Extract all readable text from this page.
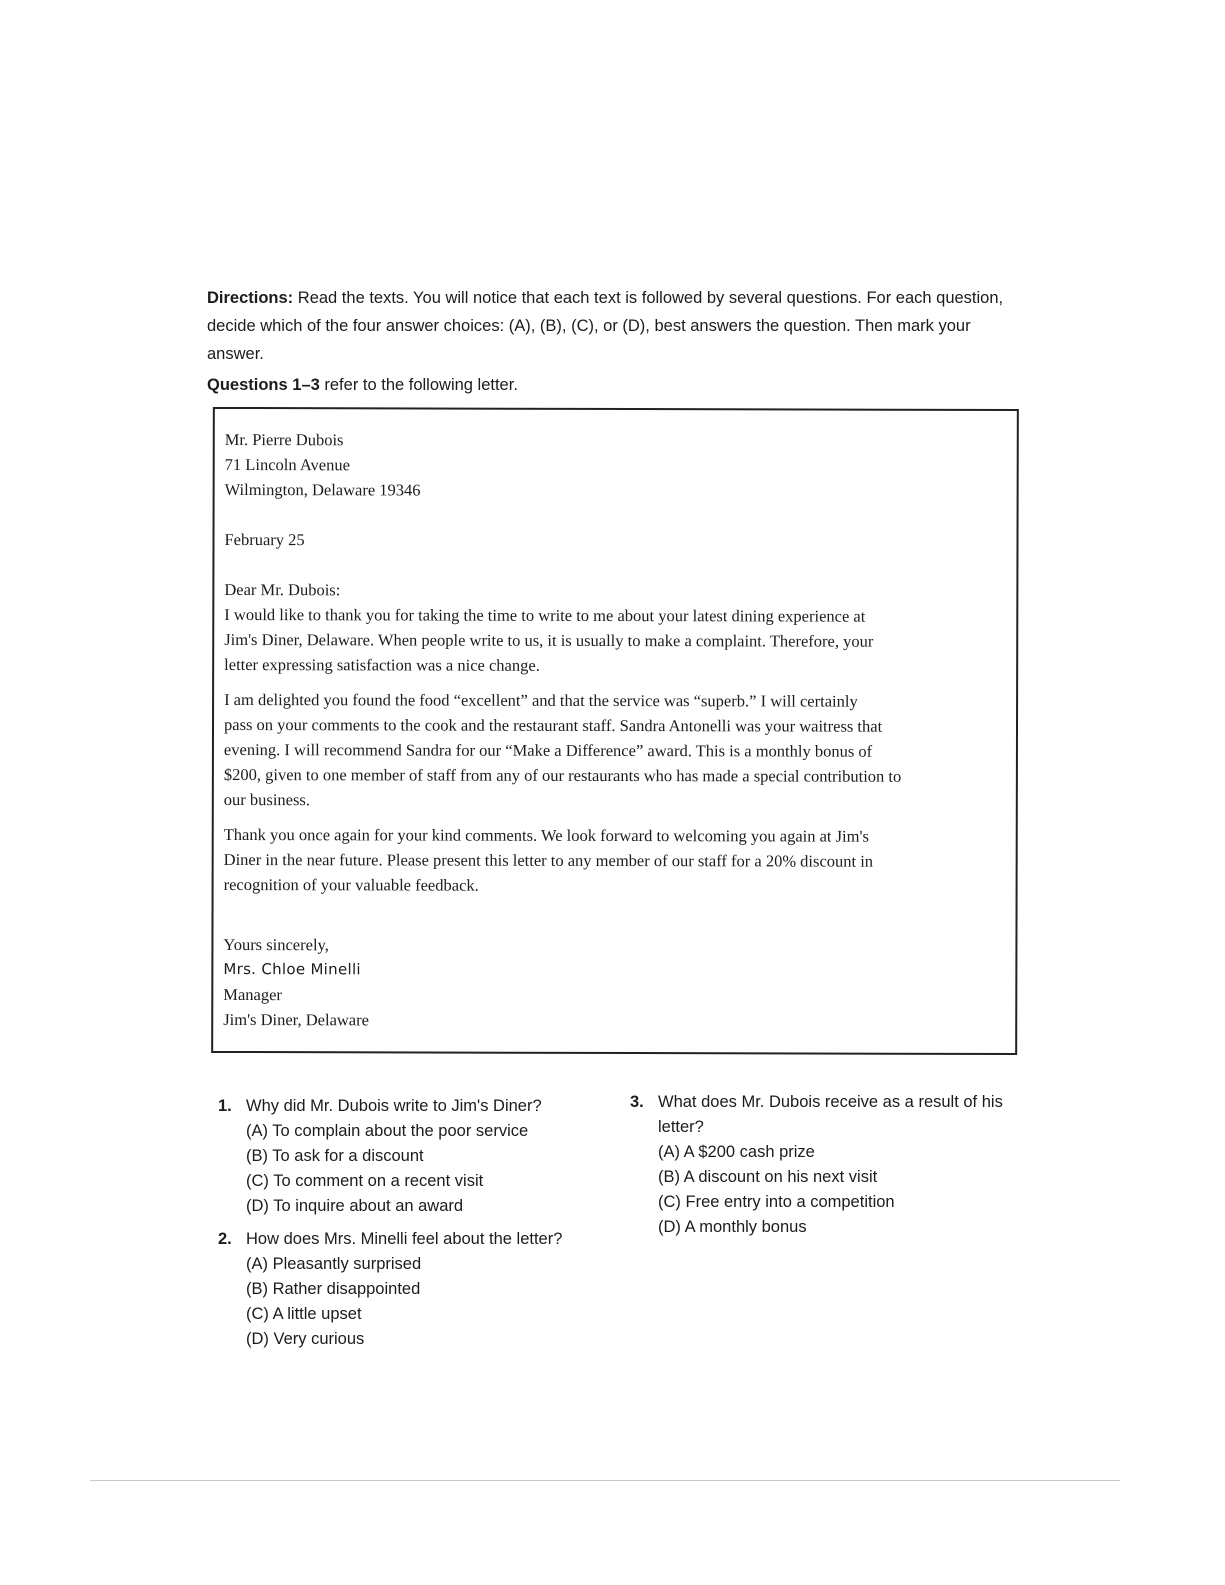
Directions: Read the texts. You will notice that each text is followed by several questions. For each question, decide which of the four answer choices: (A), (B), (C), or (D), best answers the question. Then mark your answer.
Questions 1–3 refer to the following letter.
Mr. Pierre Dubois
71 Lincoln Avenue
Wilmington, Delaware 19346
February 25
Dear Mr. Dubois:
I would like to thank you for taking the time to write to me about your latest dining experience at
Jim's Diner, Delaware. When people write to us, it is usually to make a complaint. Therefore, your
letter expressing satisfaction was a nice change.
I am delighted you found the food “excellent” and that the service was “superb.” I will certainly
pass on your comments to the cook and the restaurant staff. Sandra Antonelli was your waitress that
evening. I will recommend Sandra for our “Make a Difference” award. This is a monthly bonus of
$200, given to one member of staff from any of our restaurants who has made a special contribution to
our business.
Thank you once again for your kind comments. We look forward to welcoming you again at Jim's
Diner in the near future. Please present this letter to any member of our staff for a 20% discount in
recognition of your valuable feedback.
Yours sincerely,
Mrs. Chloe Minelli
Manager
Jim's Diner, Delaware
1. Why did Mr. Dubois write to Jim's Diner?
(A) To complain about the poor service
(B) To ask for a discount
(C) To comment on a recent visit
(D) To inquire about an award
2. How does Mrs. Minelli feel about the letter?
(A) Pleasantly surprised
(B) Rather disappointed
(C) A little upset
(D) Very curious
3. What does Mr. Dubois receive as a result of his letter?
(A) A $200 cash prize
(B) A discount on his next visit
(C) Free entry into a competition
(D) A monthly bonus
